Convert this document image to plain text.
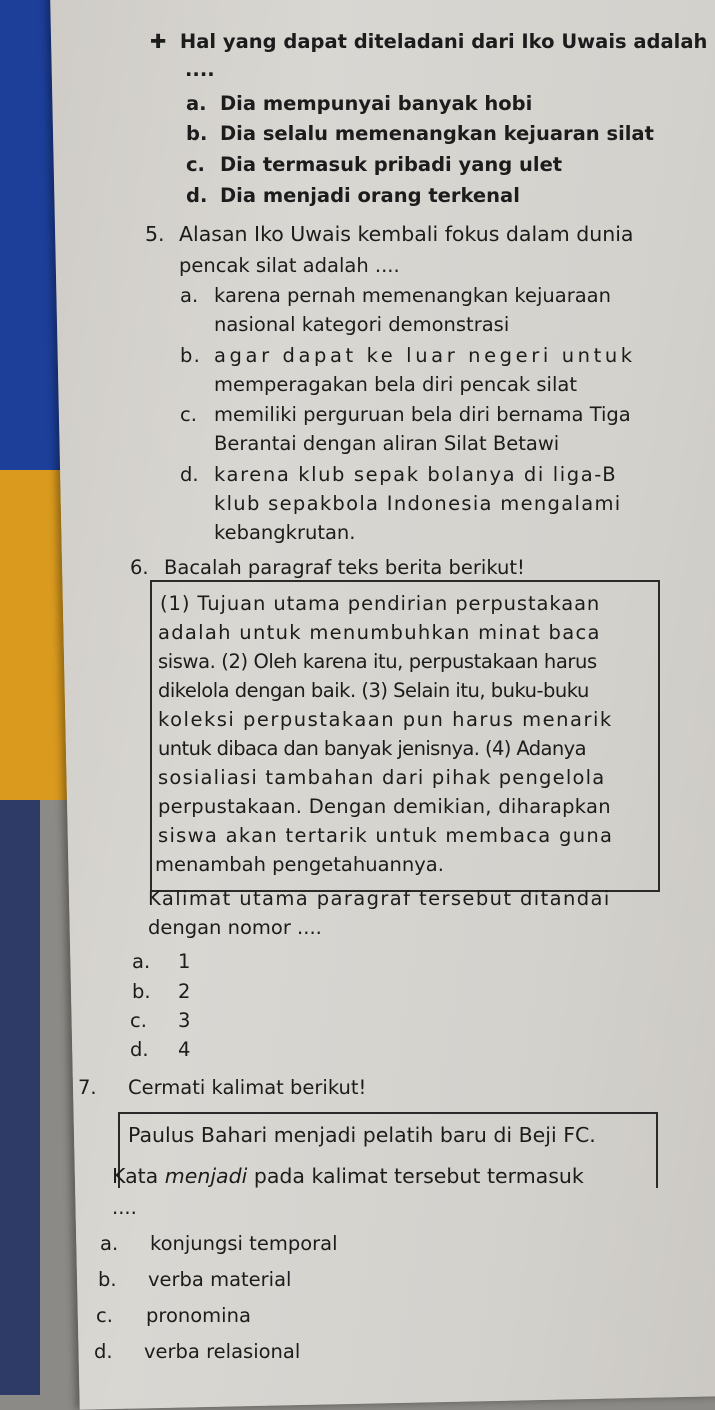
✚  Hal yang dapat diteladani dari Iko Uwais adalah
....
a. Dia mempunyai banyak hobi
b. Dia selalu memenangkan kejuaran silat
c. Dia termasuk pribadi yang ulet
d. Dia menjadi orang terkenal
5. Alasan Iko Uwais kembali fokus dalam dunia
pencak silat adalah ....
a. karena pernah memenangkan kejuaraan
nasional kategori demonstrasi
b. agar dapat ke luar negeri untuk
memperagakan bela diri pencak silat
c. memiliki perguruan bela diri bernama Tiga
Berantai dengan aliran Silat Betawi
d. karena klub sepak bolanya di liga-B
klub sepakbola Indonesia mengalami
kebangkrutan.
6. Bacalah paragraf teks berita berikut!
(1) Tujuan utama pendirian perpustakaan
adalah untuk menumbuhkan minat baca
siswa. (2) Oleh karena itu, perpustakaan harus
dikelola dengan baik. (3) Selain itu, buku-buku
koleksi perpustakaan pun harus menarik
untuk dibaca dan banyak jenisnya. (4) Adanya
sosialiasi tambahan dari pihak pengelola
perpustakaan. Dengan demikian, diharapkan
siswa akan tertarik untuk membaca guna
menambah pengetahuannya.
Kalimat utama paragraf tersebut ditandai
dengan nomor ....
a. 1
b. 2
c. 3
d. 4
7. Cermati kalimat berikut!
Paulus Bahari menjadi pelatih baru di Beji FC.
Kata menjadi pada kalimat tersebut termasuk
....
a. konjungsi temporal
b. verba material
c. pronomina
d. verba relasional
